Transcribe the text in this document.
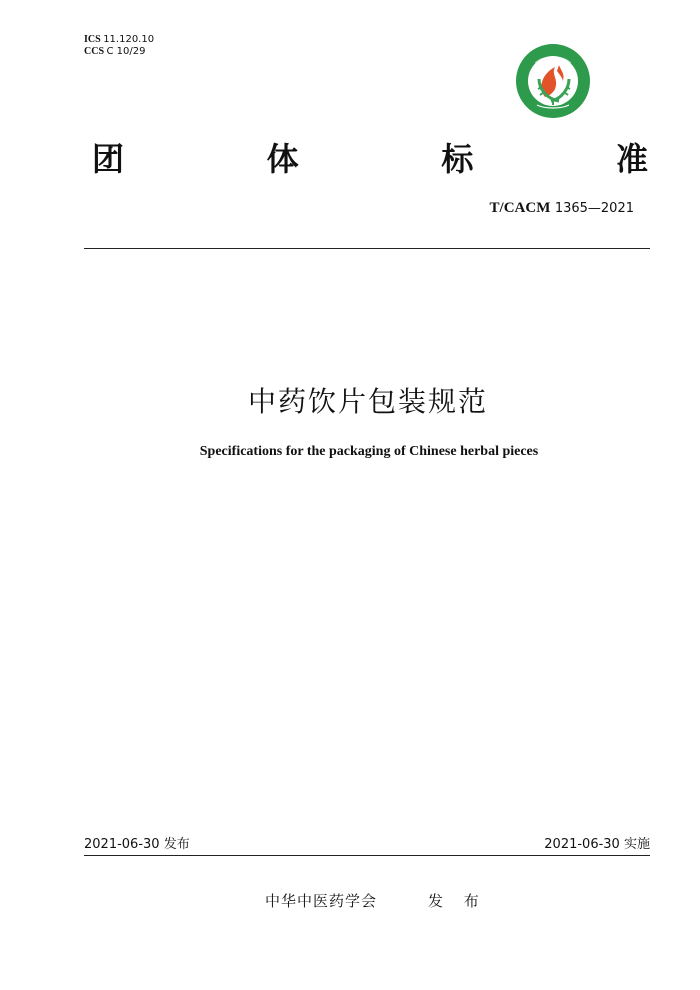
ICS 11.120.10
CCS C 10/29
团	体	标	准
T/CACM 1365—2021
中药饮片包装规范
Specifications for the packaging of Chinese herbal pieces
2021-06-30 发布	2021-06-30 实施
中华中医药学会	发 布
